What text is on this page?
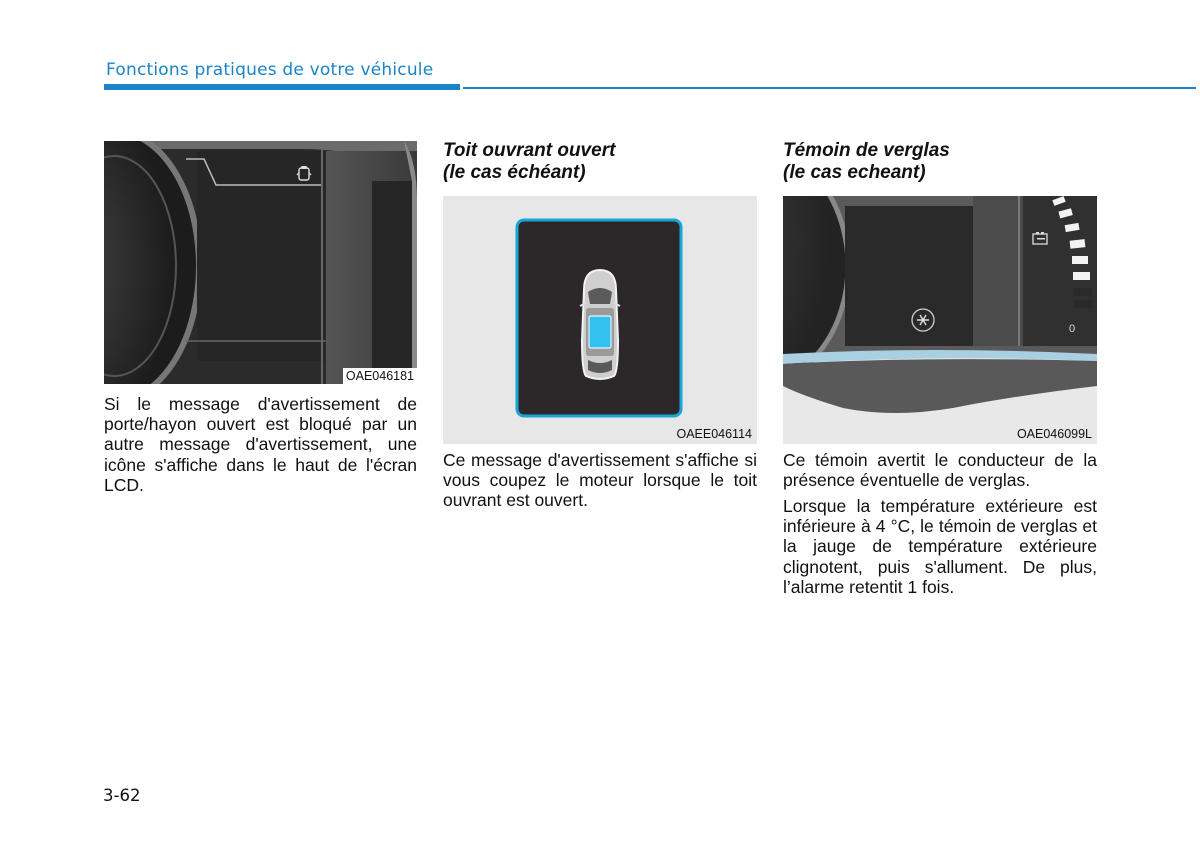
Fonctions pratiques de votre véhicule
OAE046181
Si le message d'avertissement de porte/hayon ouvert est bloqué par un autre message d'avertissement, une icône s'affiche dans le haut de l'écran LCD.
Toit ouvrant ouvert
(le cas échéant)
OAEE046114
Ce message d'avertissement s'affiche si vous coupez le moteur lorsque le toit ouvrant est ouvert.
Témoin de verglas
(le cas echeant)
0
OAE046099L
Ce témoin avertit le conducteur de la présence éventuelle de verglas.
Lorsque la température extérieure est inférieure à 4 °C, le témoin de verglas et la jauge de température extérieure clignotent, puis s'allument. De plus, l’alarme retentit 1 fois.
3-62
